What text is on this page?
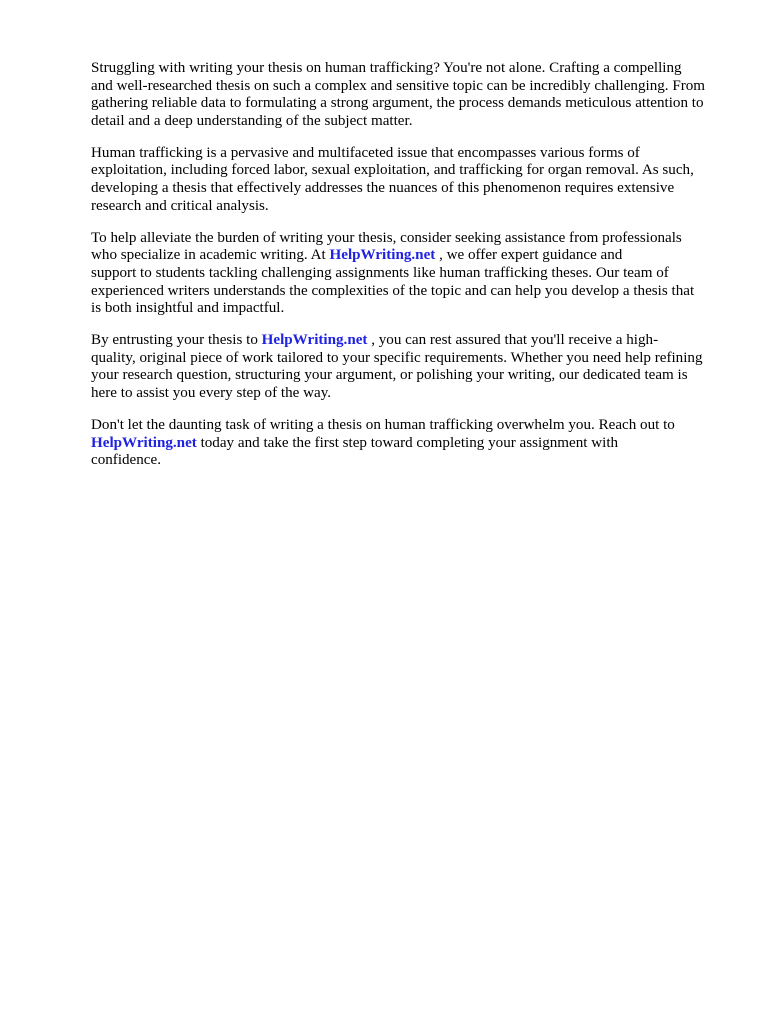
Struggling with writing your thesis on human trafficking? You're not alone. Crafting a compelling
and well-researched thesis on such a complex and sensitive topic can be incredibly challenging. From
gathering reliable data to formulating a strong argument, the process demands meticulous attention to
detail and a deep understanding of the subject matter.

Human trafficking is a pervasive and multifaceted issue that encompasses various forms of
exploitation, including forced labor, sexual exploitation, and trafficking for organ removal. As such,
developing a thesis that effectively addresses the nuances of this phenomenon requires extensive
research and critical analysis.

To help alleviate the burden of writing your thesis, consider seeking assistance from professionals
who specialize in academic writing. At HelpWriting.net , we offer expert guidance and
support to students tackling challenging assignments like human trafficking theses. Our team of
experienced writers understands the complexities of the topic and can help you develop a thesis that
is both insightful and impactful.

By entrusting your thesis to HelpWriting.net , you can rest assured that you'll receive a high-
quality, original piece of work tailored to your specific requirements. Whether you need help refining
your research question, structuring your argument, or polishing your writing, our dedicated team is
here to assist you every step of the way.

Don't let the daunting task of writing a thesis on human trafficking overwhelm you. Reach out to
HelpWriting.net today and take the first step toward completing your assignment with
confidence.
